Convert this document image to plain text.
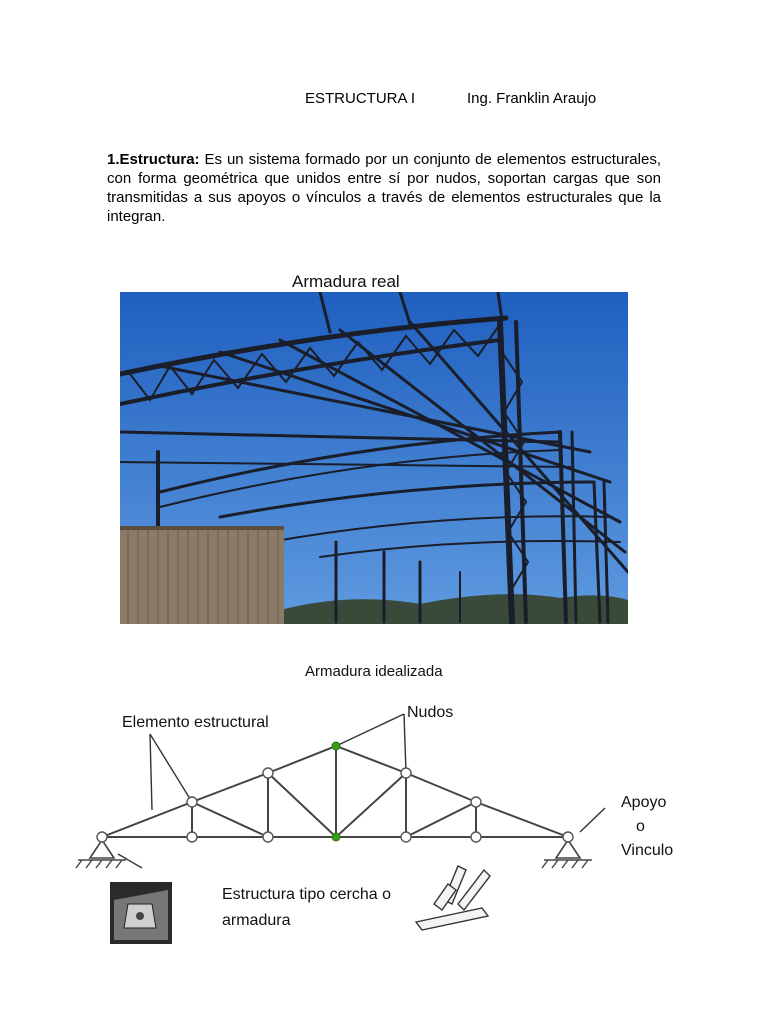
ESTRUCTURA I	Ing. Franklin Araujo
1.Estructura: Es un sistema formado por un conjunto de elementos estructurales, con forma geométrica que unidos entre sí por nudos, soportan cargas que son transmitidas a sus apoyos o vínculos a través de elementos estructurales que la integran.
Armadura real
Armadura idealizada
Elemento estructural
Nudos
Apoyo
o
Vinculo
Estructura tipo cercha o
armadura
